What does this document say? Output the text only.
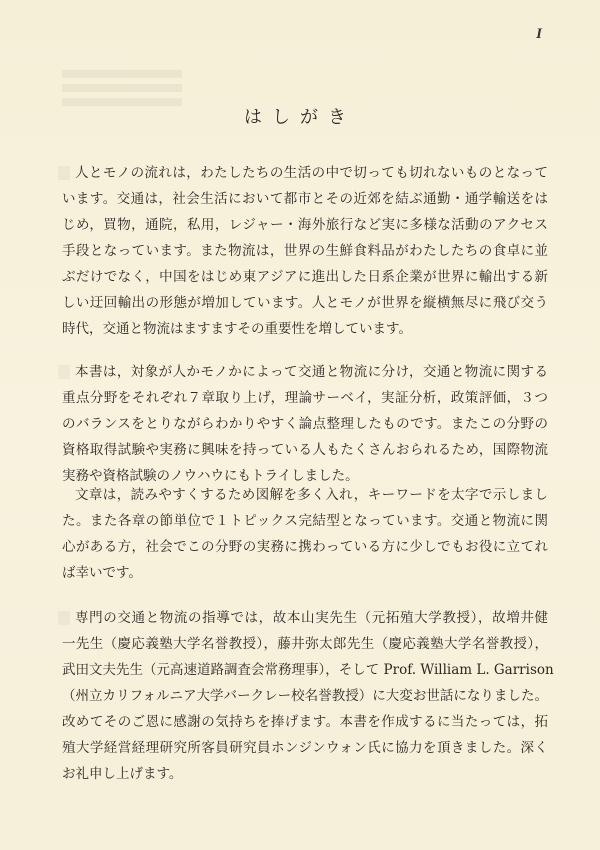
I
はしがき
人とモノの流れは，わたしたちの生活の中で切っても切れないものとなって
います。交通は，社会生活において都市とその近郊を結ぶ通勤・通学輸送をは
じめ，買物，通院，私用，レジャー・海外旅行など実に多様な活動のアクセス
手段となっています。また物流は，世界の生鮮食料品がわたしたちの食卓に並
ぶだけでなく，中国をはじめ東アジアに進出した日系企業が世界に輸出する新
しい迂回輸出の形態が増加しています。人とモノが世界を縦横無尽に飛び交う
時代，交通と物流はますますその重要性を増しています。
本書は，対象が人かモノかによって交通と物流に分け，交通と物流に関する
重点分野をそれぞれ７章取り上げ，理論サーベイ，実証分析，政策評価，３つ
のバランスをとりながらわかりやすく論点整理したものです。またこの分野の
資格取得試験や実務に興味を持っている人もたくさんおられるため，国際物流
実務や資格試験のノウハウにもトライしました。
文章は，読みやすくするため図解を多く入れ，キーワードを太字で示しまし
た。また各章の節単位で１トピックス完結型となっています。交通と物流に関
心がある方，社会でこの分野の実務に携わっている方に少しでもお役に立てれ
ば幸いです。
専門の交通と物流の指導では，故本山実先生（元拓殖大学教授），故増井健
一先生（慶応義塾大学名誉教授），藤井弥太郎先生（慶応義塾大学名誉教授），
武田文夫先生（元高速道路調査会常務理事），そして Prof. William L. Garrison
（州立カリフォルニア大学バークレー校名誉教授）に大変お世話になりました。
改めてそのご恩に感謝の気持ちを捧げます。本書を作成するに当たっては，拓
殖大学経営経理研究所客員研究員ホンジンウォン氏に協力を頂きました。深く
お礼申し上げます。
